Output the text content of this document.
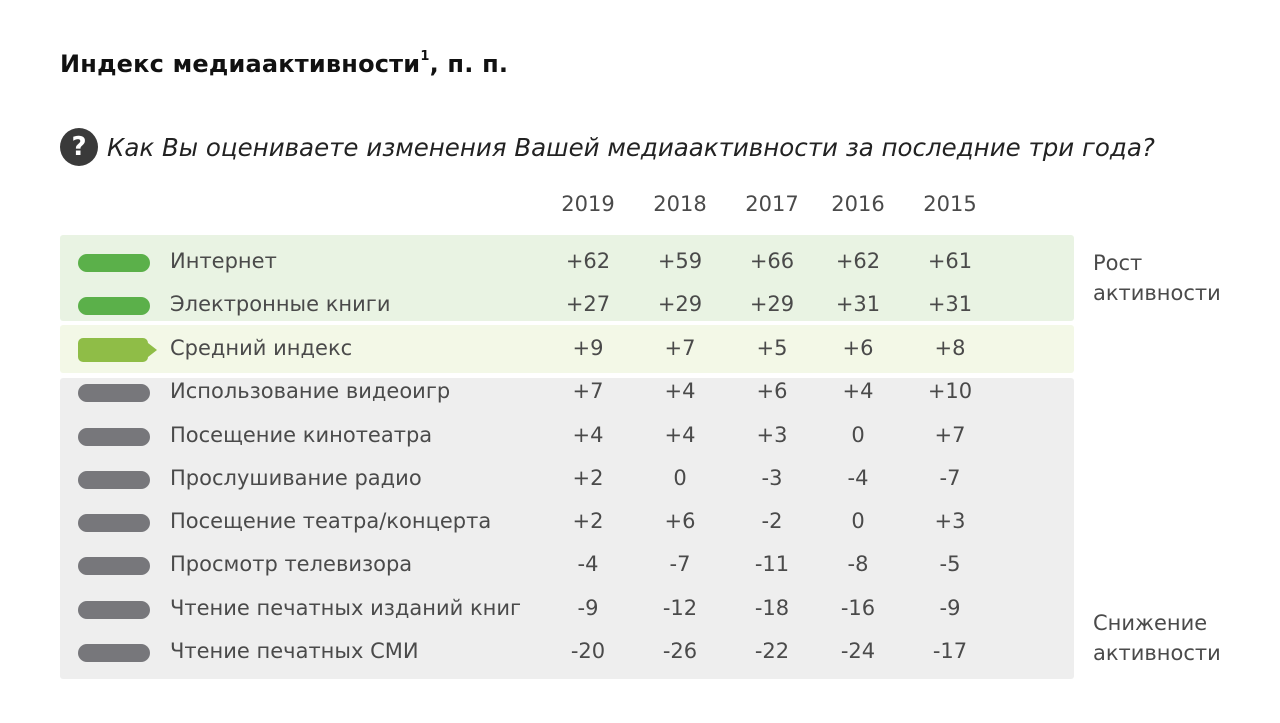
Индекс медиаактивности$^1$, п. п.
? Как Вы оцениваете изменения Вашей медиаактивности за последние три года?
2019	2018	2017	2016	2015
Интернет	+62	+59	+66	+62	+61
Электронные книги	+27	+29	+29	+31	+31
Средний индекс	+9	+7	+5	+6	+8
Использование видеоигр	+7	+4	+6	+4	+10
Посещение кинотеатра	+4	+4	+3	0	+7
Прослушивание радио	+2	0	-3	-4	-7
Посещение театра/концерта	+2	+6	-2	0	+3
Просмотр телевизора	-4	-7	-11	-8	-5
Чтение печатных изданий книг	-9	-12	-18	-16	-9
Чтение печатных СМИ	-20	-26	-22	-24	-17
Рост
активности
Снижение
активности
